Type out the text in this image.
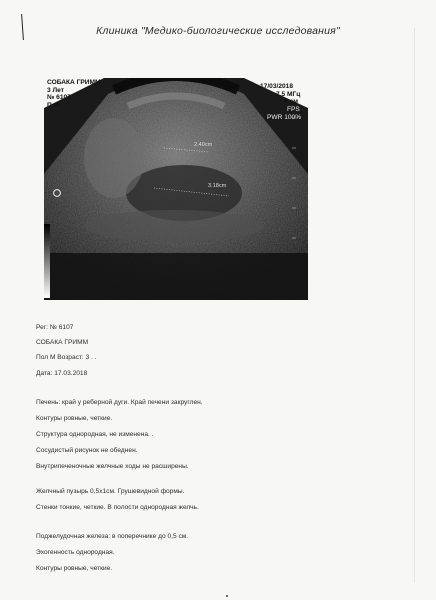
Клиника "Медико-биологические исследования"
СОБАКА ГРИММ
3 Лет
№ 6107
Пол
17/03/2018
7.5 МГц
8 см
FPS
PWR 100%
2.40cm
3.18cm
Рег: № 6107
СОБАКА ГРИММ
Пол М Возраст: 3 . .
Дата: 17.03.2018
Печень: край у реберной дуги. Край печени закруглен.
Контуры ровные, четкие.
Структура однородная, не изменена. .
Сосудистый рисунок не обеднен.
Внутрипеченочные желчные ходы не расширены.
Желчный пузырь 0,5х1см. Грушевидной формы.
Стенки тонкие, четкие. В полости однородная желчь.
Поджелудочная железа: в поперечнике до 0,5 см.
Эхогенность однородная.
Контуры ровные, четкие.
